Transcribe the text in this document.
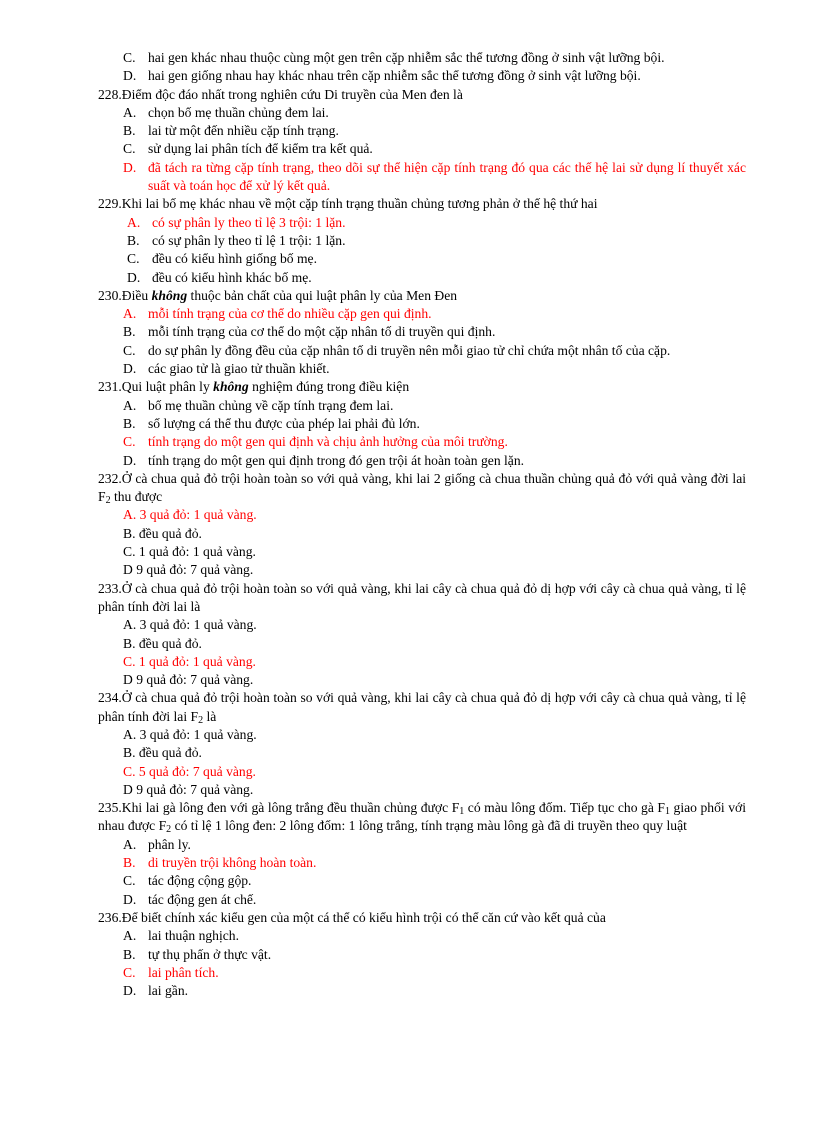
C. hai gen khác nhau thuộc cùng một gen trên cặp nhiễm sắc thể tương đồng ở sinh vật lưỡng bội.
D. hai gen giống nhau hay khác nhau trên cặp nhiễm sắc thể tương đồng ở sinh vật lưỡng bội.
228.Điểm độc đáo nhất trong nghiên cứu Di truyền của Men đen là
A. chọn bố mẹ thuần chủng đem lai.
B. lai từ một đến nhiều cặp tính trạng.
C. sử dụng lai phân tích để kiểm tra kết quả.
D. đã tách ra từng cặp tính trạng, theo dõi sự thể hiện cặp tính trạng đó qua các thế hệ lai sử dụng lí thuyết xác suất và toán học để xử lý kết quả.
229.Khi lai bố mẹ khác nhau về một cặp tính trạng thuần chủng tương phản ở thế hệ thứ hai
A. có sự phân ly theo tỉ lệ 3 trội: 1 lặn.
B. có sự phân ly theo tỉ lệ 1 trội: 1 lặn.
C. đều có kiểu hình giống bố mẹ.
D. đều có kiểu hình khác bố mẹ.
230.Điều không thuộc bản chất của qui luật phân ly của Men Đen
A. mỗi tính trạng của cơ thể do nhiều cặp gen qui định.
B. mỗi tính trạng của cơ thể do một cặp nhân tố di truyền qui định.
C. do sự phân ly đồng đều của cặp nhân tố di truyền nên mỗi giao tử chỉ chứa một nhân tố của cặp.
D. các giao tử là giao tử thuần khiết.
231.Qui luật phân ly không nghiệm đúng trong điều kiện
A. bố mẹ thuần chủng về cặp tính trạng đem lai.
B. số lượng cá thể thu được của phép lai phải đủ lớn.
C. tính trạng do một gen qui định và chịu ảnh hưởng của môi trường.
D. tính trạng do một gen qui định trong đó gen trội át hoàn toàn gen lặn.
232.Ở cà chua quả đỏ trội hoàn toàn so với quả vàng, khi lai 2 giống cà chua thuần chủng quả đỏ với quả vàng đời lai $F_2$ thu được
A. 3 quả đỏ: 1 quả vàng.
B. đều quả đỏ.
C. 1 quả đỏ: 1 quả vàng.
D 9 quả đỏ: 7 quả vàng.
233.Ở cà chua quả đỏ trội hoàn toàn so với quả vàng, khi lai cây cà chua quả đỏ dị hợp với cây cà chua quả vàng, tỉ lệ phân tính đời lai là
A. 3 quả đỏ: 1 quả vàng.
B. đều quả đỏ.
C. 1 quả đỏ: 1 quả vàng.
D 9 quả đỏ: 7 quả vàng.
234.Ở cà chua quả đỏ trội hoàn toàn so với quả vàng, khi lai cây cà chua quả đỏ dị hợp với cây cà chua quả vàng, tỉ lệ phân tính đời lai $F_2$ là
A. 3 quả đỏ: 1 quả vàng.
B. đều quả đỏ.
C. 5 quả đỏ: 7 quả vàng.
D 9 quả đỏ: 7 quả vàng.
235.Khi lai gà lông đen với gà lông trắng đều thuần chủng được $F_1$ có màu lông đốm. Tiếp tục cho gà $F_1$ giao phối với nhau được $F_2$ có tỉ lệ 1 lông đen: 2 lông đốm: 1 lông trắng, tính trạng màu lông gà đã di truyền theo quy luật
A. phân ly.
B. di truyền trội không hoàn toàn.
C. tác động cộng gộp.
D. tác động gen át chế.
236.Để biết chính xác kiểu gen của một cá thể có kiểu hình trội có thể căn cứ vào kết quả của
A. lai thuận nghịch.
B. tự thụ phấn ở thực vật.
C. lai phân tích.
D. lai gần.
